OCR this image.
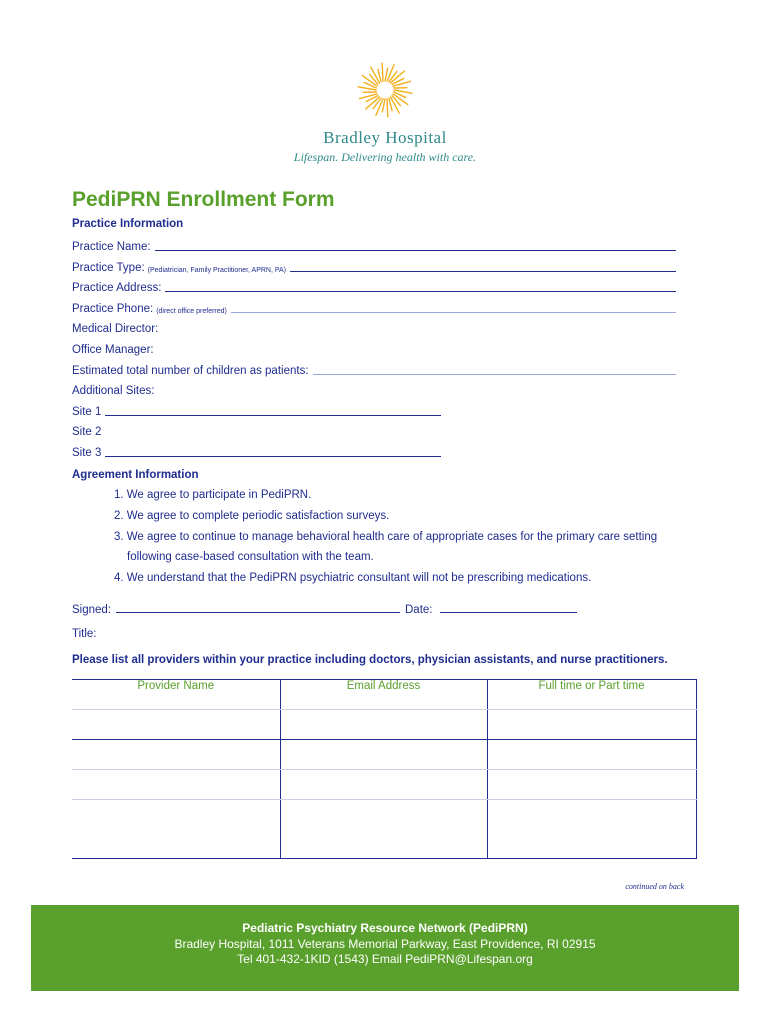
Bradley Hospital
Lifespan. Delivering health with care.
PediPRN Enrollment Form
Practice Information
Practice Name:
Practice Type: (Pediatrician, Family Practitioner, APRN, PA)
Practice Address:
Practice Phone: (direct office preferred)
Medical Director:
Office Manager:
Estimated total number of children as patients:
Additional Sites:
Site 1
Site 2
Site 3
Agreement Information
1. We agree to participate in PediPRN.
2. We agree to complete periodic satisfaction surveys.
3. We agree to continue to manage behavioral health care of appropriate cases for the primary care setting
following case-based consultation with the team.
4. We understand that the PediPRN psychiatric consultant will not be prescribing medications.
Signed:	Date:
Title:
Please list all providers within your practice including doctors, physician assistants, and nurse practitioners.
Provider Name	Email Address	Full time or Part time

continued on back
Pediatric Psychiatry Resource Network (PediPRN)
Bradley Hospital, 1011 Veterans Memorial Parkway, East Providence, RI 02915
Tel 401-432-1KID (1543) Email PediPRN@Lifespan.org
